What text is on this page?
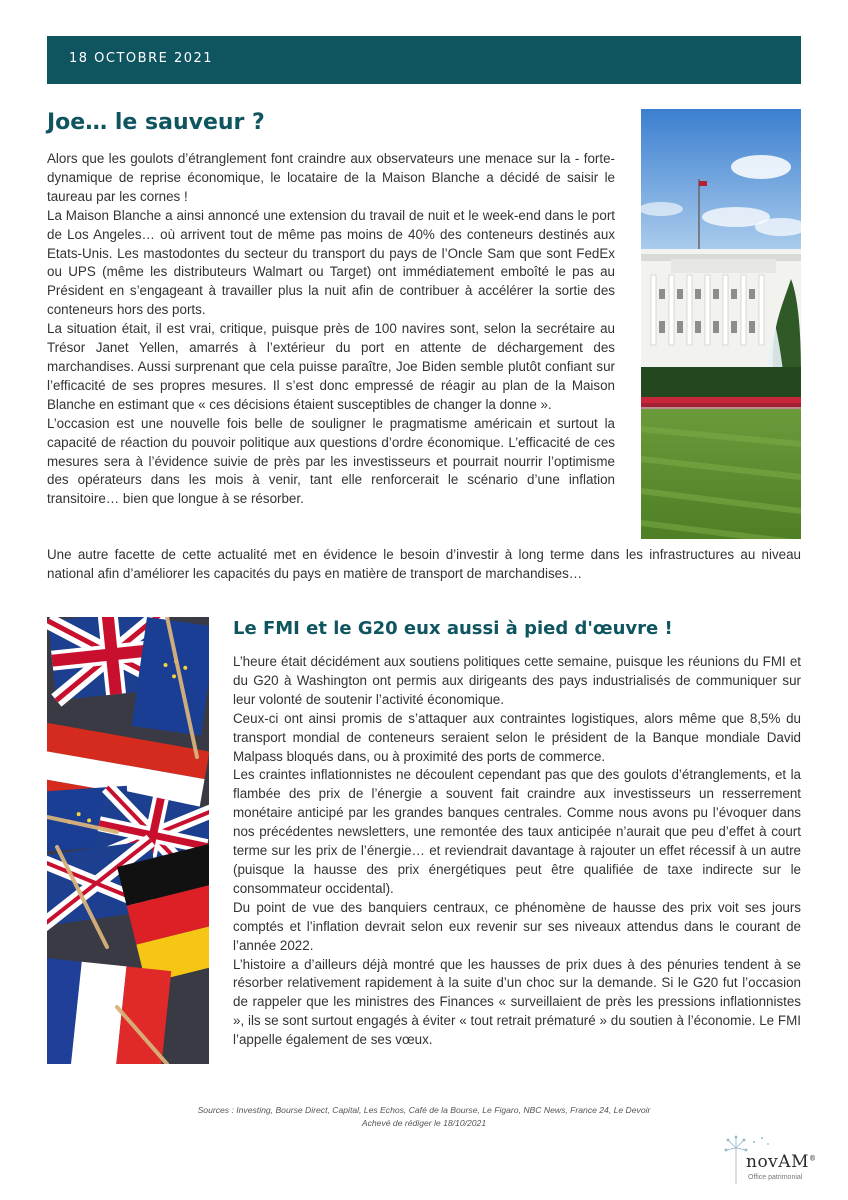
18 OCTOBRE 2021
Joe… le sauveur ?

Alors que les goulots d’étranglement font craindre aux observateurs une menace sur la - forte- dynamique de reprise économique, le locataire de la Maison Blanche a décidé de saisir le taureau par les cornes !

La Maison Blanche a ainsi annoncé une extension du travail de nuit et le week-end dans le port de Los Angeles… où arrivent tout de même pas moins de 40% des conteneurs destinés aux Etats-Unis. Les mastodontes du secteur du transport du pays de l’Oncle Sam que sont FedEx ou UPS (même les distributeurs Walmart ou Target) ont immédiatement emboîté le pas au Président en s’engageant à travailler plus la nuit afin de contribuer à accélérer la sortie des conteneurs hors des ports.

La situation était, il est vrai, critique, puisque près de 100 navires sont, selon la secrétaire au Trésor Janet Yellen, amarrés à l’extérieur du port en attente de déchargement des marchandises. Aussi surprenant que cela puisse paraître, Joe Biden semble plutôt confiant sur l’efficacité de ses propres mesures. Il s’est donc empressé de réagir au plan de la Maison Blanche en estimant que « ces décisions étaient susceptibles de changer la donne ».

L’occasion est une nouvelle fois belle de souligner le pragmatisme américain et surtout la capacité de réaction du pouvoir politique aux questions d’ordre économique. L’efficacité de ces mesures sera à l’évidence suivie de près par les investisseurs et pourrait nourrir l’optimisme des opérateurs dans les mois à venir, tant elle renforcerait le scénario d’une inflation transitoire… bien que longue à se résorber.

Une autre facette de cette actualité met en évidence le besoin d’investir à long terme dans les infrastructures au niveau national afin d’améliorer les capacités du pays en matière de transport de marchandises…

Le FMI et le G20 eux aussi à pied d'œuvre !

L’heure était décidément aux soutiens politiques cette semaine, puisque les réunions du FMI et du G20 à Washington ont permis aux dirigeants des pays industrialisés de communiquer sur leur volonté de soutenir l’activité économique.

Ceux-ci ont ainsi promis de s’attaquer aux contraintes logistiques, alors même que 8,5% du transport mondial de conteneurs seraient selon le président de la Banque mondiale David Malpass bloqués dans, ou à proximité des ports de commerce.

Les craintes inflationnistes ne découlent cependant pas que des goulots d’étranglements, et la flambée des prix de l’énergie a souvent fait craindre aux investisseurs un resserrement monétaire anticipé par les grandes banques centrales. Comme nous avons pu l’évoquer dans nos précédentes newsletters, une remontée des taux anticipée n’aurait que peu d’effet à court terme sur les prix de l’énergie… et reviendrait davantage à rajouter un effet récessif à un autre (puisque la hausse des prix énergétiques peut être qualifiée de taxe indirecte sur le consommateur occidental).

Du point de vue des banquiers centraux, ce phénomène de hausse des prix voit ses jours comptés et l’inflation devrait selon eux revenir sur ses niveaux attendus dans le courant de l’année 2022.

L’histoire a d’ailleurs déjà montré que les hausses de prix dues à des pénuries tendent à se résorber relativement rapidement à la suite d’un choc sur la demande. Si le G20 fut l’occasion de rappeler que les ministres des Finances « surveillaient de près les pressions inflationnistes », ils se sont surtout engagés à éviter « tout retrait prématuré » du soutien à l’économie. Le FMI l’appelle également de ses vœux.

Sources : Investing, Bourse Direct, Capital, Les Echos, Café de la Bourse, Le Figaro, NBC News, France 24, Le Devoir
Achevé de rédiger le 18/10/2021
novAM®
Office patrimonial
